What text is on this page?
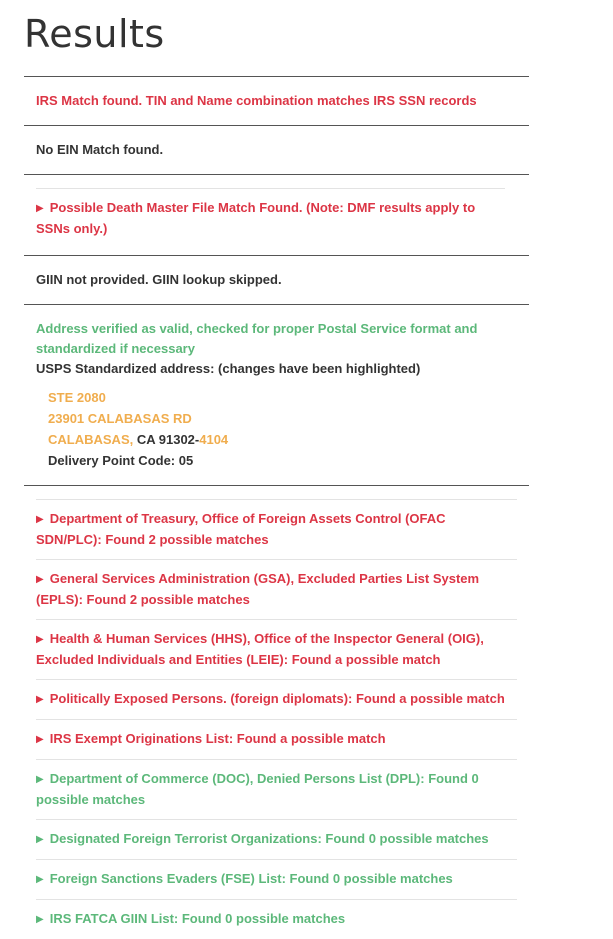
Results
IRS Match found. TIN and Name combination matches IRS SSN records
No EIN Match found.
▶ Possible Death Master File Match Found. (Note: DMF results apply to SSNs only.)
GIIN not provided. GIIN lookup skipped.
Address verified as valid, checked for proper Postal Service format and standardized if necessary
USPS Standardized address: (changes have been highlighted)
STE 2080
23901 CALABASAS RD
CALABASAS, CA 91302-4104
Delivery Point Code: 05
▶ Department of Treasury, Office of Foreign Assets Control (OFAC SDN/PLC): Found 2 possible matches
▶ General Services Administration (GSA), Excluded Parties List System (EPLS): Found 2 possible matches
▶ Health & Human Services (HHS), Office of the Inspector General (OIG), Excluded Individuals and Entities (LEIE): Found a possible match
▶ Politically Exposed Persons. (foreign diplomats): Found a possible match
▶ IRS Exempt Originations List: Found a possible match
▶ Department of Commerce (DOC), Denied Persons List (DPL): Found 0 possible matches
▶ Designated Foreign Terrorist Organizations: Found 0 possible matches
▶ Foreign Sanctions Evaders (FSE) List: Found 0 possible matches
▶ IRS FATCA GIIN List: Found 0 possible matches
